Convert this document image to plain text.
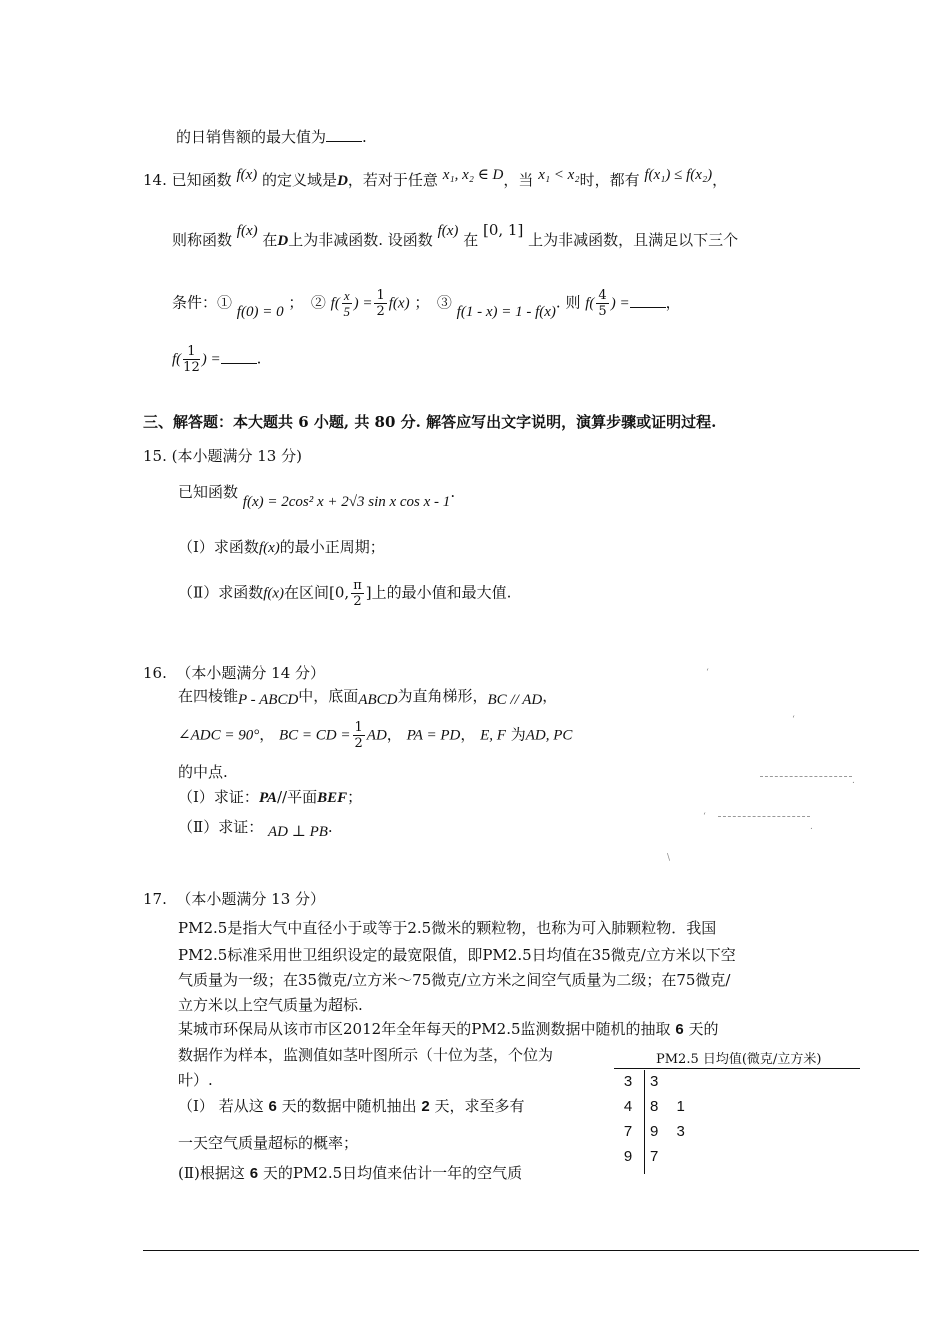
的日销售额的最大值为 .
14. 已知函数 f(x) 的定义域是D，若对于任意 x₁, x₂ ∈ D，当 x₁ < x₂时，都有 f(x₁) ≤ f(x₂)，
则称函数 f(x) 在D上为非减函数. 设函数 f(x) 在 [0, 1] 上为非减函数，且满足以下三个
条件：① f(0) = 0 ；　② $f( \frac{x}{5}$ ) = $\frac{1}{2} f(x)$ ；　③ f(1 - x) = 1 - f(x). 则 $f( \frac{4}{5}$ ) = ，
$f( \frac{1}{12}$ ) = .
三、解答题：本大题共 6 小题, 共 80 分. 解答应写出文字说明，演算步骤或证明过程.
15. (本小题满分 13 分)
已知函数 f(x) = 2cos² x + 2√3 sin x cos x - 1.
（Ⅰ）求函数f(x)的最小正周期；
（Ⅱ）求函数f(x)在区间[0, $\frac{\pi}{2}$ ]上的最小值和最大值.
16. （本小题满分 14 分）
在四棱锥P - ABCD中，底面ABCD为直角梯形，BC // AD，
∠ADC = 90°， BC = CD = $\frac{1}{2}$ AD， PA = PD， E, F 为AD, PC
的中点.
（Ⅰ）求证：PA//平面BEF；
（Ⅱ）求证： AD ⊥ PB.
‘
‘
.
‘
.
\
17. （本小题满分 13 分）
PM2.5是指大气中直径小于或等于2.5微米的颗粒物，也称为可入肺颗粒物．我国
PM2.5标准采用世卫组织设定的最宽限值，即PM2.5日均值在35微克/立方米以下空
气质量为一级；在35微克/立方米～75微克/立方米之间空气质量为二级；在75微克/
立方米以上空气质量为超标.
某城市环保局从该市市区2012年全年每天的PM2.5监测数据中随机的抽取 6 天的
数据作为样本，监测值如茎叶图所示（十位为茎，个位为
叶）.
（Ⅰ） 若从这 6 天的数据中随机抽出 2 天，求至多有
一天空气质量超标的概率；
(Ⅱ)根据这 6 天的PM2.5日均值来估计一年的空气质
PM2.5 日均值(微克/立方米)
3 3
4 8 1
7 9 3
9 7
